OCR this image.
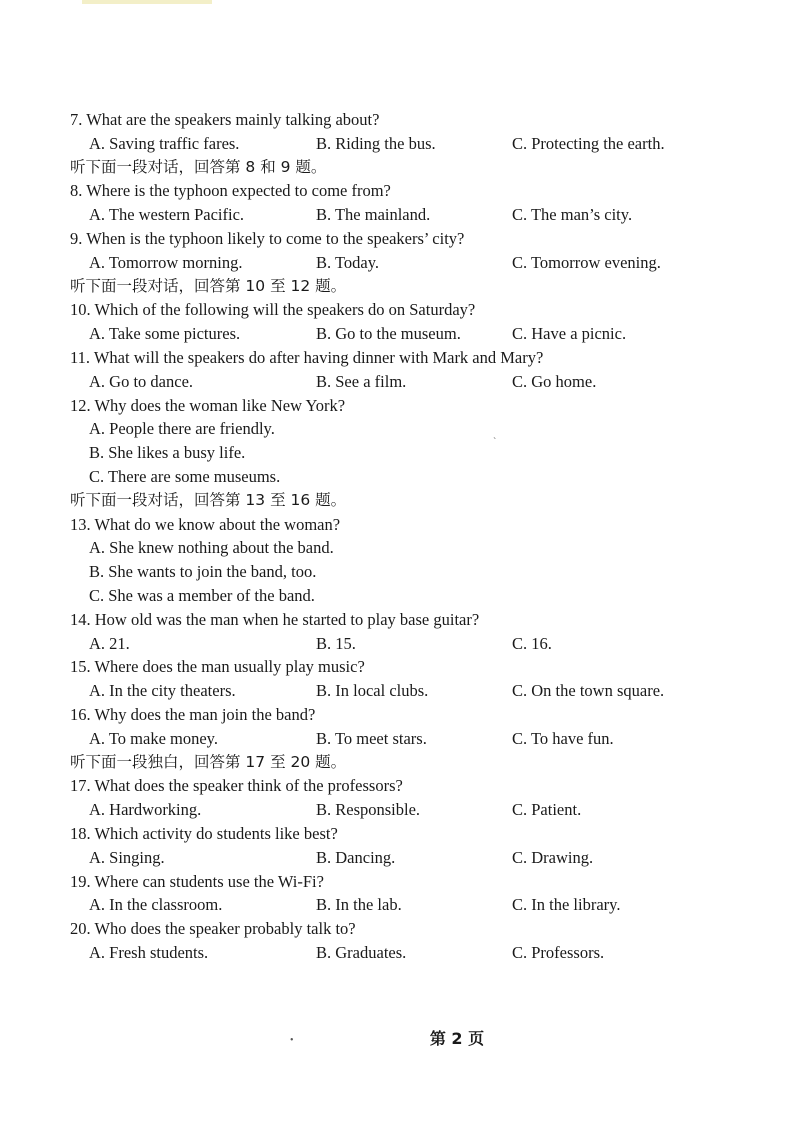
7. What are the speakers mainly talking about?
A. Saving traffic fares.	B. Riding the bus.	C. Protecting the earth.
听下面一段对话，回答第 8 和 9 题。
8. Where is the typhoon expected to come from?
A. The western Pacific.	B. The mainland.	C. The man’s city.
9. When is the typhoon likely to come to the speakers’ city?
A. Tomorrow morning.	B. Today.	C. Tomorrow evening.
听下面一段对话，回答第 10 至 12 题。
10. Which of the following will the speakers do on Saturday?
A. Take some pictures.	B. Go to the museum.	C. Have a picnic.
11. What will the speakers do after having dinner with Mark and Mary?
A. Go to dance.	B. See a film.	C. Go home.
12. Why does the woman like New York?
A. People there are friendly.
B. She likes a busy life.
C. There are some museums.
听下面一段对话，回答第 13 至 16 题。
13. What do we know about the woman?
A. She knew nothing about the band.
B. She wants to join the band, too.
C. She was a member of the band.
14. How old was the man when he started to play base guitar?
A. 21.	B. 15.	C. 16.
15. Where does the man usually play music?
A. In the city theaters.	B. In local clubs.	C. On the town square.
16. Why does the man join the band?
A. To make money.	B. To meet stars.	C. To have fun.
听下面一段独白，回答第 17 至 20 题。
17. What does the speaker think of the professors?
A. Hardworking.	B. Responsible.	C. Patient.
18. Which activity do students like best?
A. Singing.	B. Dancing.	C. Drawing.
19. Where can students use the Wi-Fi?
A. In the classroom.	B. In the lab.	C. In the library.
20. Who does the speaker probably talk to?
A. Fresh students.	B. Graduates.	C. Professors.
第 2 页
•
`
